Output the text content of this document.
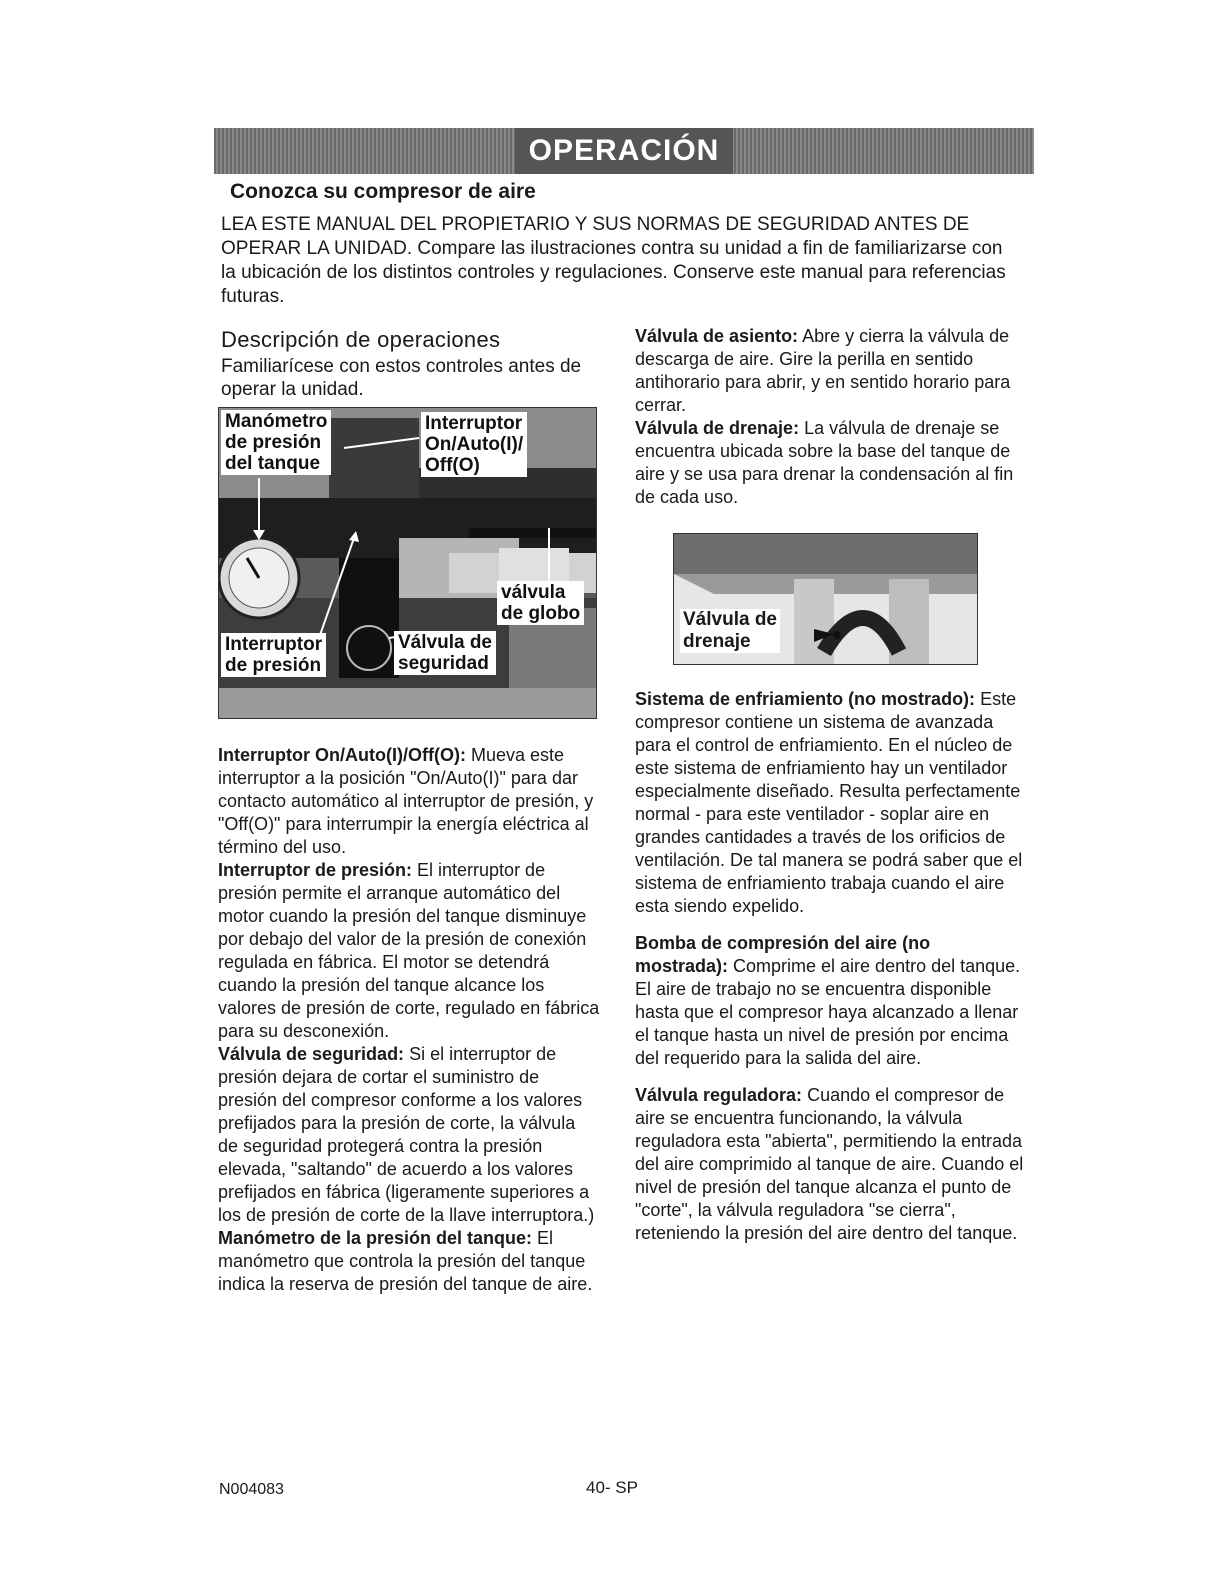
OPERACIÓN
Conozca su compresor de aire

LEA ESTE MANUAL DEL PROPIETARIO Y SUS NORMAS DE SEGURIDAD ANTES DE OPERAR LA UNIDAD. Compare las ilustraciones contra su unidad a fin de familiarizarse con la ubicación de los distintos controles y regulaciones. Conserve este manual para referencias futuras.

Descripción de operaciones

Familiarícese con estos controles antes de operar la unidad.

Manómetro
de presión
del tanque
Interruptor
On/Auto(I)/
Off(O)
válvula
de globo
Interruptor
de presión
Válvula de
seguridad

Interruptor On/Auto(I)/Off(O): Mueva este interruptor a la posición "On/Auto(I)" para dar contacto automático al interruptor de presión, y "Off(O)" para interrumpir la energía eléctrica al término del uso.

Interruptor de presión: El interruptor de presión permite el arranque automático del motor cuando la presión del tanque disminuye por debajo del valor de la presión de conexión regulada en fábrica. El motor se detendrá cuando la presión del tanque alcance los valores de presión de corte, regulado en fábrica para su desconexión.

Válvula de seguridad: Si el interruptor de presión dejara de cortar el suministro de presión del compresor conforme a los valores prefijados para la presión de corte, la válvula de seguridad protegerá contra la presión elevada, "saltando" de acuerdo a los valores prefijados en fábrica (ligeramente superiores a los de presión de corte de la llave interruptora.)

Manómetro de la presión del tanque: El manómetro que controla la presión del tanque indica la reserva de presión del tanque de aire.

Válvula de asiento: Abre y cierra la válvula de descarga de aire. Gire la perilla en sentido antihorario para abrir, y en sentido horario para cerrar.

Válvula de drenaje: La válvula de drenaje se encuentra ubicada sobre la base del tanque de aire y se usa para drenar la condensación al fin de cada uso.

Válvula de
drenaje

Sistema de enfriamiento (no mostrado): Este compresor contiene un sistema de avanzada para el control de enfriamiento. En el núcleo de este sistema de enfriamiento hay un ventilador especialmente diseñado. Resulta perfectamente normal - para este ventilador - soplar aire en grandes cantidades a través de los orificios de ventilación. De tal manera se podrá saber que el sistema de enfriamiento trabaja cuando el aire esta siendo expelido.

Bomba de compresión del aire (no mostrada): Comprime el aire dentro del tanque. El aire de trabajo no se encuentra disponible hasta que el compresor haya alcanzado a llenar el tanque hasta un nivel de presión por encima del requerido para la salida del aire.

Válvula reguladora: Cuando el compresor de aire se encuentra funcionando, la válvula reguladora esta "abierta", permitiendo la entrada del aire comprimido al tanque de aire. Cuando el nivel de presión del tanque alcanza el punto de "corte", la válvula reguladora "se cierra", reteniendo la presión del aire dentro del tanque.

N004083	40- SP
